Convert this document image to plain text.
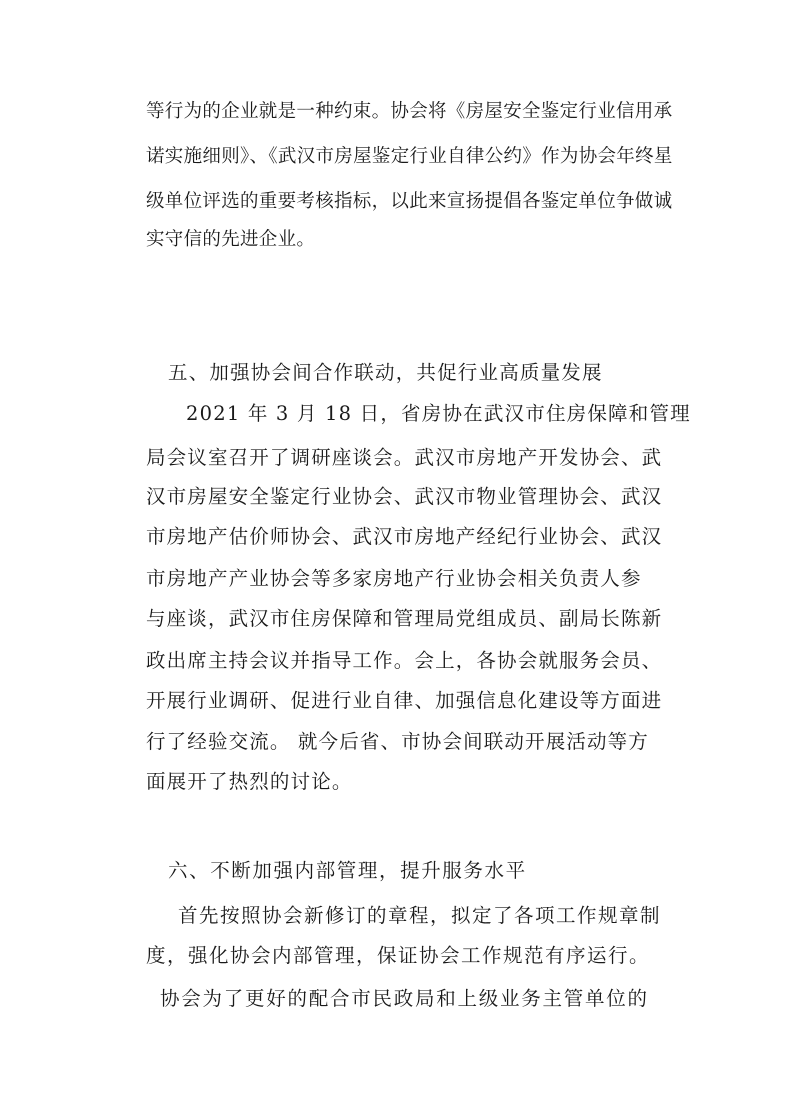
等行为的企业就是一种约束。协会将《房屋安全鉴定行业信用承
诺实施细则》、《武汉市房屋鉴定行业自律公约》作为协会年终星
级单位评选的重要考核指标，以此来宣扬提倡各鉴定单位争做诚
实守信的先进企业。
五、加强协会间合作联动，共促行业高质量发展
2021 年 3 月 18 日，省房协在武汉市住房保障和管理
局会议室召开了调研座谈会。武汉市房地产开发协会、武
汉市房屋安全鉴定行业协会、武汉市物业管理协会、武汉
市房地产估价师协会、武汉市房地产经纪行业协会、武汉
市房地产产业协会等多家房地产行业协会相关负责人参
与座谈，武汉市住房保障和管理局党组成员、副局长陈新
政出席主持会议并指导工作。会上，各协会就服务会员、
开展行业调研、促进行业自律、加强信息化建设等方面进
行了经验交流。 就今后省、市协会间联动开展活动等方
面展开了热烈的讨论。
六、不断加强内部管理，提升服务水平
首先按照协会新修订的章程，拟定了各项工作规章制
度，强化协会内部管理，保证协会工作规范有序运行。
协会为了更好的配合市民政局和上级业务主管单位的
